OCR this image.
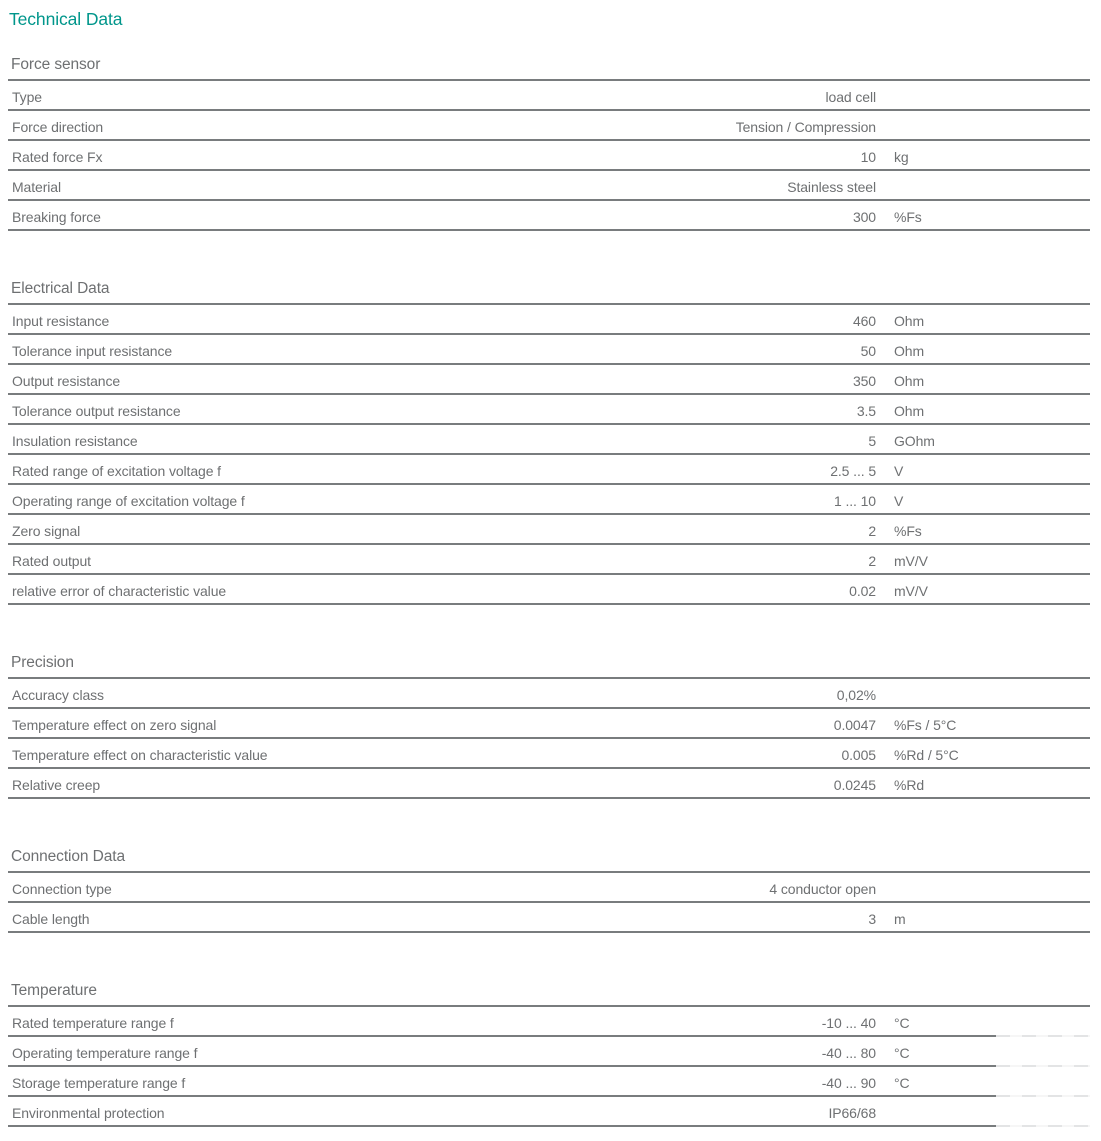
Technical Data
Force sensor
Type	load cell
Force direction	Tension / Compression
Rated force Fx	10	kg
Material	Stainless steel
Breaking force	300	%Fs
Electrical Data
Input resistance	460	Ohm
Tolerance input resistance	50	Ohm
Output resistance	350	Ohm
Tolerance output resistance	3.5	Ohm
Insulation resistance	5	GOhm
Rated range of excitation voltage f	2.5 ... 5	V
Operating range of excitation voltage f	1 ... 10	V
Zero signal	2	%Fs
Rated output	2	mV/V
relative error of characteristic value	0.02	mV/V
Precision
Accuracy class	0,02%
Temperature effect on zero signal	0.0047	%Fs / 5°C
Temperature effect on characteristic value	0.005	%Rd / 5°C
Relative creep	0.0245	%Rd
Connection Data
Connection type	4 conductor open
Cable length	3	m
Temperature
Rated temperature range f	-10 ... 40	°C
Operating temperature range f	-40 ... 80	°C
Storage temperature range f	-40 ... 90	°C
Environmental protection	IP66/68
